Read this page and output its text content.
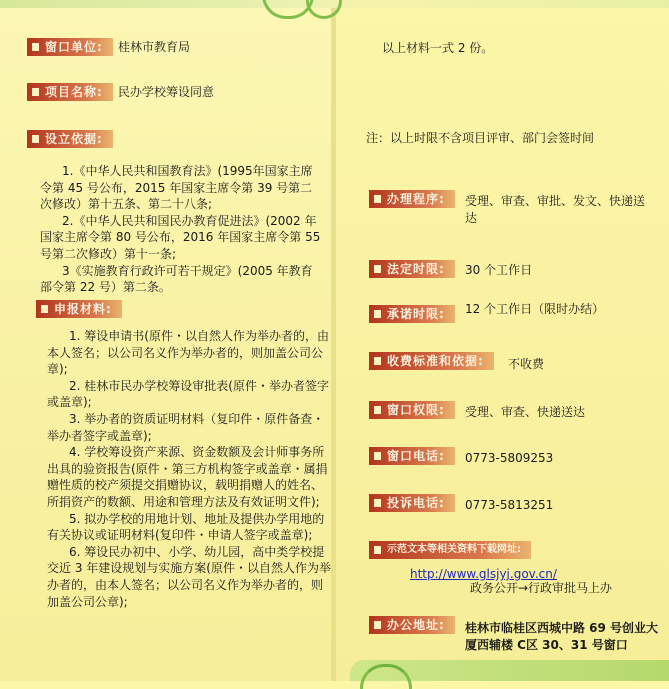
窗口单位:	桂林市教育局
项目名称:	民办学校筹设同意
设立依据:

1.《中华人民共和国教育法》(1995年国家主席令第 45 号公布，2015 年国家主席令第 39 号第二次修改）第十五条、第二十八条;

2.《中华人民共和国民办教育促进法》(2002 年国家主席令第 80 号公布，2016 年国家主席令第 55 号第二次修改）第十一条;

3《实施教育行政许可若干规定》(2005 年教育部令第 22 号）第二条。

申报材料:

1. 筹设申请书(原件・以自然人作为举办者的，由本人签名；以公司名义作为举办者的，则加盖公司公章);

2. 桂林市民办学校筹设审批表(原件・举办者签字或盖章);

3. 举办者的资质证明材料（复印件・原件备查・举办者签字或盖章);

4. 学校筹设资产来源、资金数额及会计师事务所出具的验资报告(原件・第三方机构签字或盖章・属捐赠性质的校产须提交捐赠协议，载明捐赠人的姓名、所捐资产的数额、用途和管理方法及有效证明文件);

5. 拟办学校的用地计划、地址及提供办学用地的有关协议或证明材料(复印件・申请人签字或盖章);

6. 筹设民办初中、小学、幼儿园，高中类学校提交近 3 年建设规划与实施方案(原件・以自然人作为举办者的，由本人签名；以公司名义作为举办者的，则加盖公司公章);

以上材料一式 2 份。
注：以上时限不含项目评审、部门会签时间
办理程序:	受理、审查、审批、发文、快递送达
法定时限:	30 个工作日
承诺时限:	12 个工作日（限时办结）
收费标准和依据:	不收费
窗口权限:	受理、审查、快递送达
窗口电话:	0773-5809253
投诉电话:	0773-5813251
示范文本等相关资料下载网址:
http://www.glsjyj.gov.cn/
政务公开→行政审批马上办
办公地址:	桂林市临桂区西城中路 69 号创业大厦西辅楼 C区 30、31 号窗口
